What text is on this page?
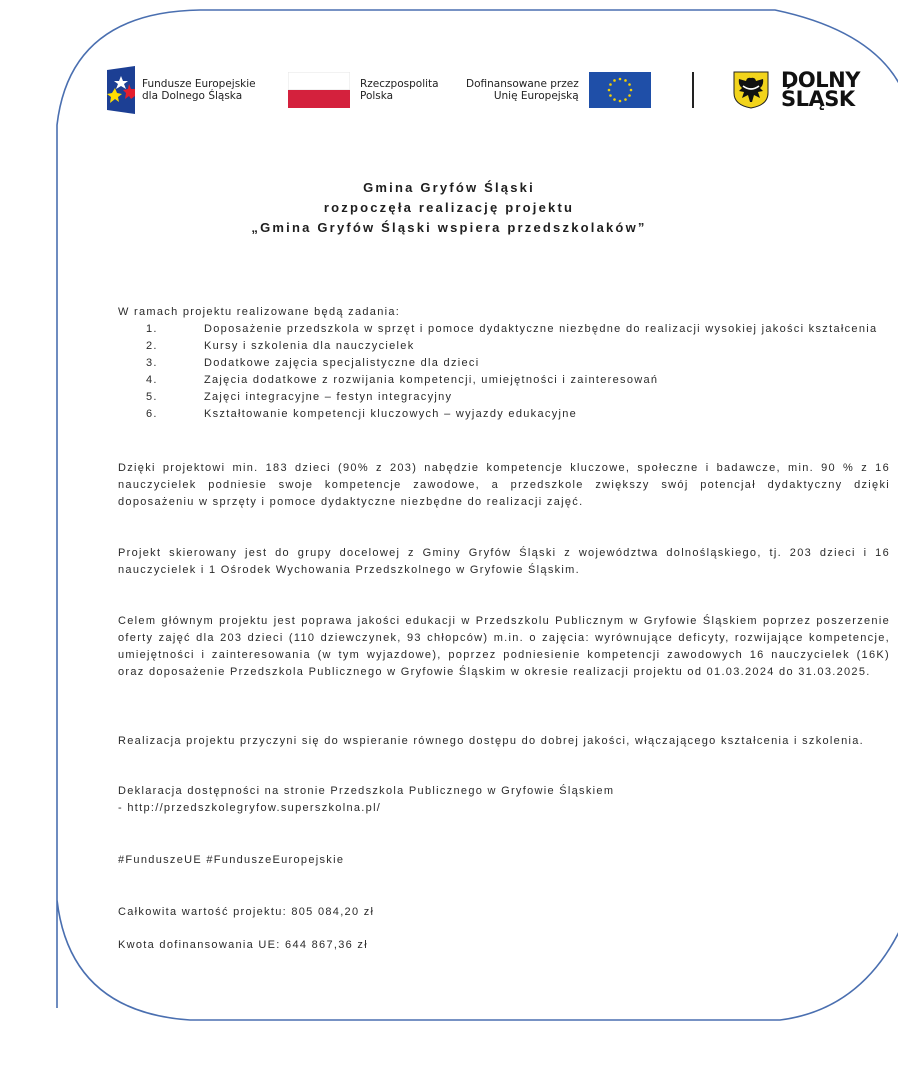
Fundusze Europejskie
dla Dolnego Śląska
Rzeczpospolita
Polska
Dofinansowane przez
Unię Europejską
DOLNY
ŚLĄSK
Gmina Gryfów Śląski
rozpoczęła realizację projektu
„Gmina Gryfów Śląski wspiera przedszkolaków”
W ramach projektu realizowane będą zadania:
1.	Doposażenie przedszkola w sprzęt i pomoce dydaktyczne niezbędne do realizacji wysokiej jakości kształcenia
2.	Kursy i szkolenia dla nauczycielek
3.	Dodatkowe zajęcia specjalistyczne dla dzieci
4.	Zajęcia dodatkowe z rozwijania kompetencji, umiejętności i zainteresowań
5.	Zajęci integracyjne – festyn integracyjny
6.	Kształtowanie kompetencji kluczowych – wyjazdy edukacyjne
Dzięki projektowi min. 183 dzieci (90% z 203) nabędzie kompetencje kluczowe, społeczne i badawcze, min. 90 % z 16 nauczycielek podniesie swoje kompetencje zawodowe, a przedszkole zwiększy swój potencjał dydaktyczny dzięki doposażeniu w sprzęty i pomoce dydaktyczne niezbędne do realizacji zajęć.
Projekt skierowany jest do grupy docelowej z Gminy Gryfów Śląski z województwa dolnośląskiego, tj. 203 dzieci i 16 nauczycielek i 1 Ośrodek Wychowania Przedszkolnego w Gryfowie Śląskim.
Celem głównym projektu jest poprawa jakości edukacji w Przedszkolu Publicznym w Gryfowie Śląskiem poprzez poszerzenie oferty zajęć dla 203 dzieci (110 dziewczynek, 93 chłopców) m.in. o zajęcia: wyrównujące deficyty, rozwijające kompetencje, umiejętności i zainteresowania (w tym wyjazdowe), poprzez podniesienie kompetencji zawodowych 16 nauczycielek (16K) oraz doposażenie Przedszkola Publicznego w Gryfowie Śląskim w okresie realizacji projektu od 01.03.2024 do 31.03.2025.
Realizacja projektu przyczyni się do wspieranie równego dostępu do dobrej jakości, włączającego kształcenia i szkolenia.
Deklaracja dostępności na stronie Przedszkola Publicznego w Gryfowie Śląskiem
- http://przedszkolegryfow.superszkolna.pl/
#FunduszeUE #FunduszeEuropejskie
Całkowita wartość projektu: 805 084,20 zł
Kwota dofinansowania UE: 644 867,36 zł
